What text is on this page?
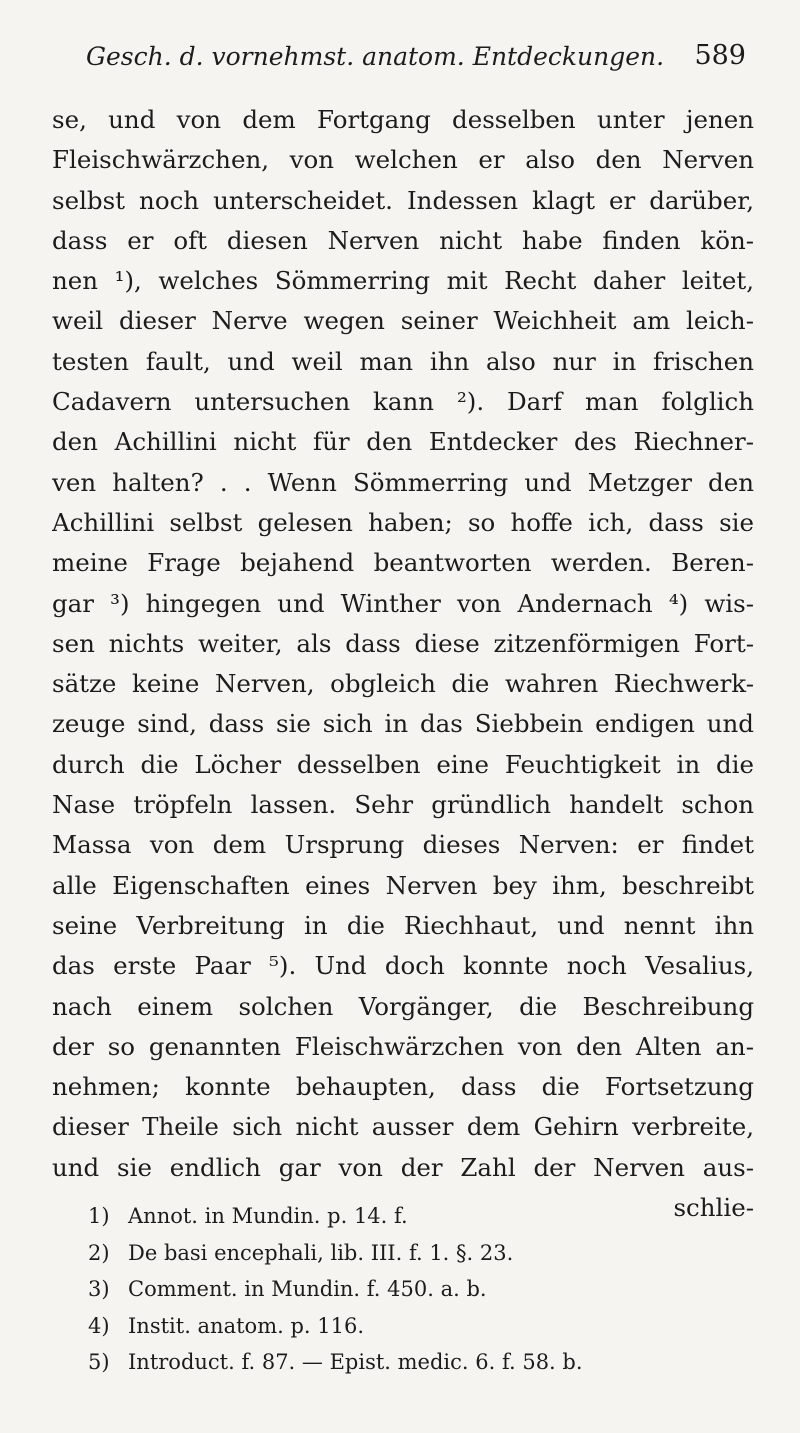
Gesch. d. vornehmst. anatom. Entdeckungen. 589
se, und von dem Fortgang desselben unter jenen
Fleischwärzchen, von welchen er also den Nerven
selbst noch unterscheidet. Indessen klagt er darüber,
dass er oft diesen Nerven nicht habe finden kön-
nen ¹), welches Sömmerring mit Recht daher leitet,
weil dieser Nerve wegen seiner Weichheit am leich-
testen fault, und weil man ihn also nur in frischen
Cadavern untersuchen kann ²). Darf man folglich
den Achillini nicht für den Entdecker des Riechner-
ven halten? . . Wenn Sömmerring und Metzger den
Achillini selbst gelesen haben; so hoffe ich, dass sie
meine Frage bejahend beantworten werden. Beren-
gar ³) hingegen und Winther von Andernach ⁴) wis-
sen nichts weiter, als dass diese zitzenförmigen Fort-
sätze keine Nerven, obgleich die wahren Riechwerk-
zeuge sind, dass sie sich in das Siebbein endigen und
durch die Löcher desselben eine Feuchtigkeit in die
Nase tröpfeln lassen. Sehr gründlich handelt schon
Massa von dem Ursprung dieses Nerven: er findet
alle Eigenschaften eines Nerven bey ihm, beschreibt
seine Verbreitung in die Riechhaut, und nennt ihn
das erste Paar ⁵). Und doch konnte noch Vesalius,
nach einem solchen Vorgänger, die Beschreibung
der so genannten Fleischwärzchen von den Alten an-
nehmen; konnte behaupten, dass die Fortsetzung
dieser Theile sich nicht ausser dem Gehirn verbreite,
und sie endlich gar von der Zahl der Nerven aus-
schlie-
1) Annot. in Mundin. p. 14. f.
2) De basi encephali, lib. III. f. 1. §. 23.
3) Comment. in Mundin. f. 450. a. b.
4) Instit. anatom. p. 116.
5) Introduct. f. 87. — Epist. medic. 6. f. 58. b.
